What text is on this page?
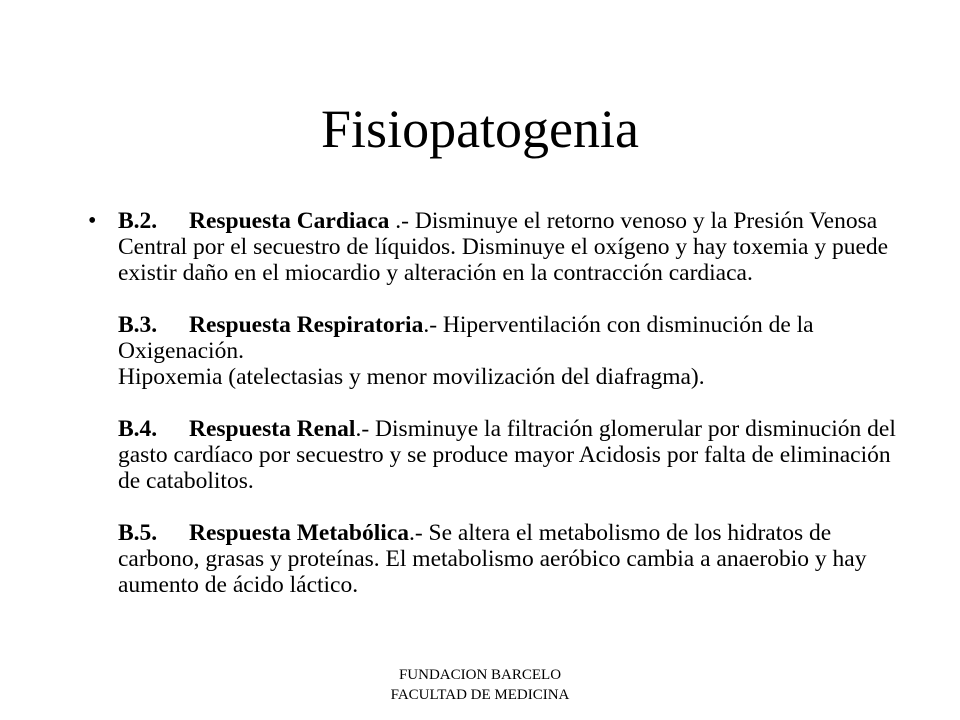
Fisiopatogenia
• B.2. Respuesta Cardiaca .- Disminuye el retorno venoso y la Presión Venosa Central por el secuestro de líquidos. Disminuye el oxígeno y hay toxemia y puede existir daño en el miocardio y alteración en la contracción cardiaca.

B.3. Respuesta Respiratoria.- Hiperventilación con disminución de la Oxigenación.

Hipoxemia (atelectasias y menor movilización del diafragma).

B.4. Respuesta Renal.- Disminuye la filtración glomerular por disminución del gasto cardíaco por secuestro y se produce mayor Acidosis por falta de eliminación de catabolitos.

B.5. Respuesta Metabólica.- Se altera el metabolismo de los hidratos de carbono, grasas y proteínas. El metabolismo aeróbico cambia a anaerobio y hay aumento de ácido láctico.

FUNDACION BARCELO
FACULTAD DE MEDICINA
